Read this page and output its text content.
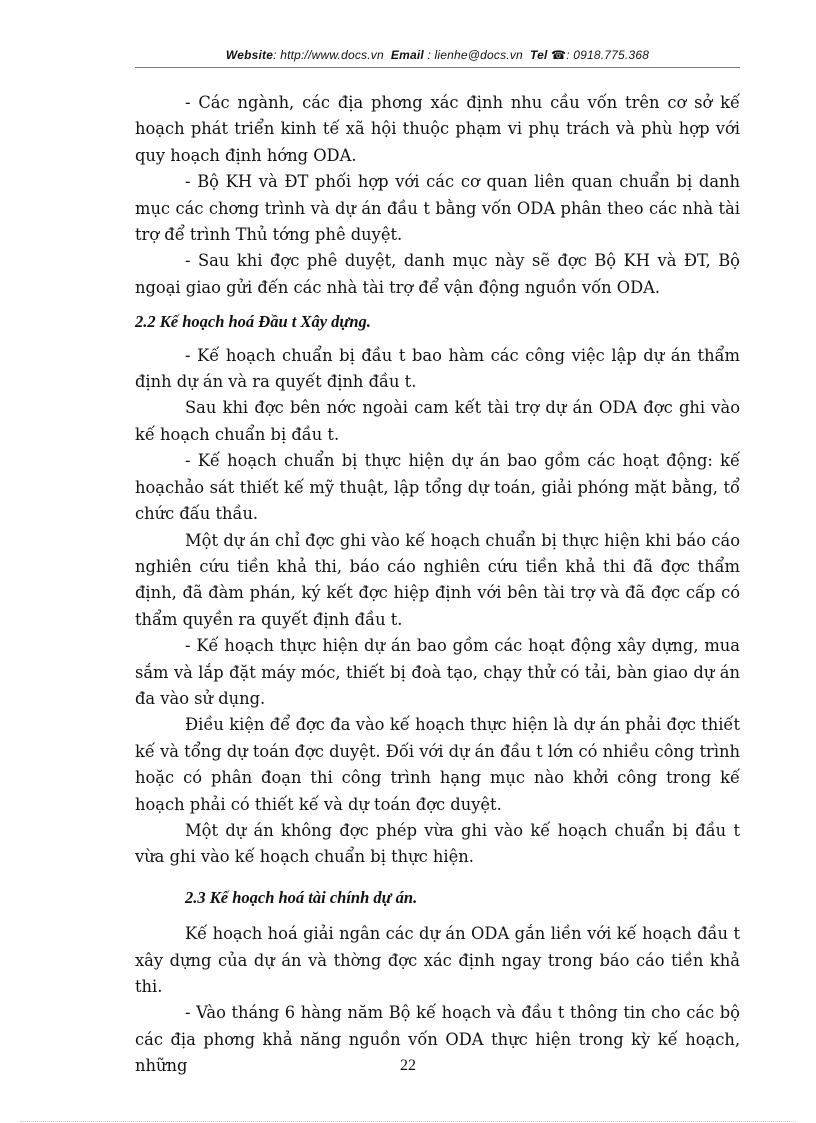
Website: http://www.docs.vn Email : lienhe@docs.vn Tel ☎: 0918.775.368

- Các ngành, các địa phơng xác định nhu cầu vốn trên cơ sở kế hoạch phát triển kinh tế xã hội thuộc phạm vi phụ trách và phù hợp với quy hoạch định hớng ODA.

- Bộ KH và ĐT phối hợp với các cơ quan liên quan chuẩn bị danh mục các chơng trình và dự án đầu t bằng vốn ODA phân theo các nhà tài trợ để trình Thủ tớng phê duyệt.

- Sau khi đợc phê duyệt, danh mục này sẽ đợc Bộ KH và ĐT, Bộ ngoại giao gửi đến các nhà tài trợ để vận động nguồn vốn ODA.

2.2 Kế hoạch hoá Đầu t Xây dựng.

- Kế hoạch chuẩn bị đầu t bao hàm các công việc lập dự án thẩm định dự án và ra quyết định đầu t.

Sau khi đợc bên nớc ngoài cam kết tài trợ dự án ODA đợc ghi vào kế hoạch chuẩn bị đầu t.

- Kế hoạch chuẩn bị thực hiện dự án bao gồm các hoạt động: kế hoạchảo sát thiết kế mỹ thuật, lập tổng dự toán, giải phóng mặt bằng, tổ chức đấu thầu.

Một dự án chỉ đợc ghi vào kế hoạch chuẩn bị thực hiện khi báo cáo nghiên cứu tiền khả thi, báo cáo nghiên cứu tiền khả thi đã đợc thẩm định, đã đàm phán, ký kết đợc hiệp định với bên tài trợ và đã đợc cấp có thẩm quyền ra quyết định đầu t.

- Kế hoạch thực hiện dự án bao gồm các hoạt động xây dựng, mua sắm và lắp đặt máy móc, thiết bị đoà tạo, chạy thử có tải, bàn giao dự án đa vào sử dụng.

Điều kiện để đợc đa vào kế hoạch thực hiện là dự án phải đợc thiết kế và tổng dự toán đợc duyệt. Đối với dự án đầu t lớn có nhiều công trình hoặc có phân đoạn thi công trình hạng mục nào khởi công trong kế hoạch phải có thiết kế và dự toán đợc duyệt.

Một dự án không đợc phép vừa ghi vào kế hoạch chuẩn bị đầu t vừa ghi vào kế hoạch chuẩn bị thực hiện.

2.3 Kế hoạch hoá tài chính dự án.

Kế hoạch hoá giải ngân các dự án ODA gắn liền với kế hoạch đầu t xây dựng của dự án và thờng đợc xác định ngay trong báo cáo tiền khả thi.

- Vào tháng 6 hàng năm Bộ kế hoạch và đầu t thông tin cho các bộ các địa phơng khả năng nguồn vốn ODA thực hiện trong kỳ kế hoạch, những	22
